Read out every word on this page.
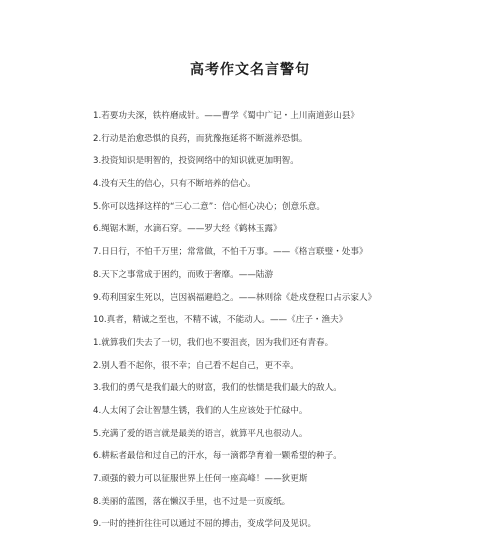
高考作文名言警句
1.若要功夫深，铁杵磨成针。——曹学《蜀中广记・上川南道彭山县》
2.行动是治愈恐惧的良药，而犹豫拖延将不断滋养恐惧。
3.投资知识是明智的，投资网络中的知识就更加明智。
4.没有天生的信心，只有不断培养的信心。
5.你可以选择这样的“三心二意”：信心恒心决心；创意乐意。
6.绳锯木断，水滴石穿。——罗大经《鹤林玉露》
7.日日行，不怕千万里；常常做，不怕千万事。——《格言联璧・处事》
8.天下之事常成于困约，而败于奢靡。——陆游
9.苟利国家生死以，岂因祸福避趋之。——林则徐《赴戍登程口占示家人》
10.真者，精诚之至也，不精不诚，不能动人。——《庄子・渔夫》
1.就算我们失去了一切，我们也不要沮丧，因为我们还有青春。
2.别人看不起你，很不幸；自己看不起自己，更不幸。
3.我们的勇气是我们最大的财富，我们的怯懦是我们最大的敌人。
4.人太闲了会让智慧生锈，我们的人生应该处于忙碌中。
5.充满了爱的语言就是最美的语言，就算平凡也很动人。
6.耕耘者最信和过自己的汗水，每一滴都孕育着一颗希望的种子。
7.顽强的毅力可以征服世界上任何一座高峰！——狄更斯
8.美丽的蓝图，落在懒汉手里，也不过是一页废纸。
9.一时的挫折往往可以通过不屈的搏击，变成学问及见识。
